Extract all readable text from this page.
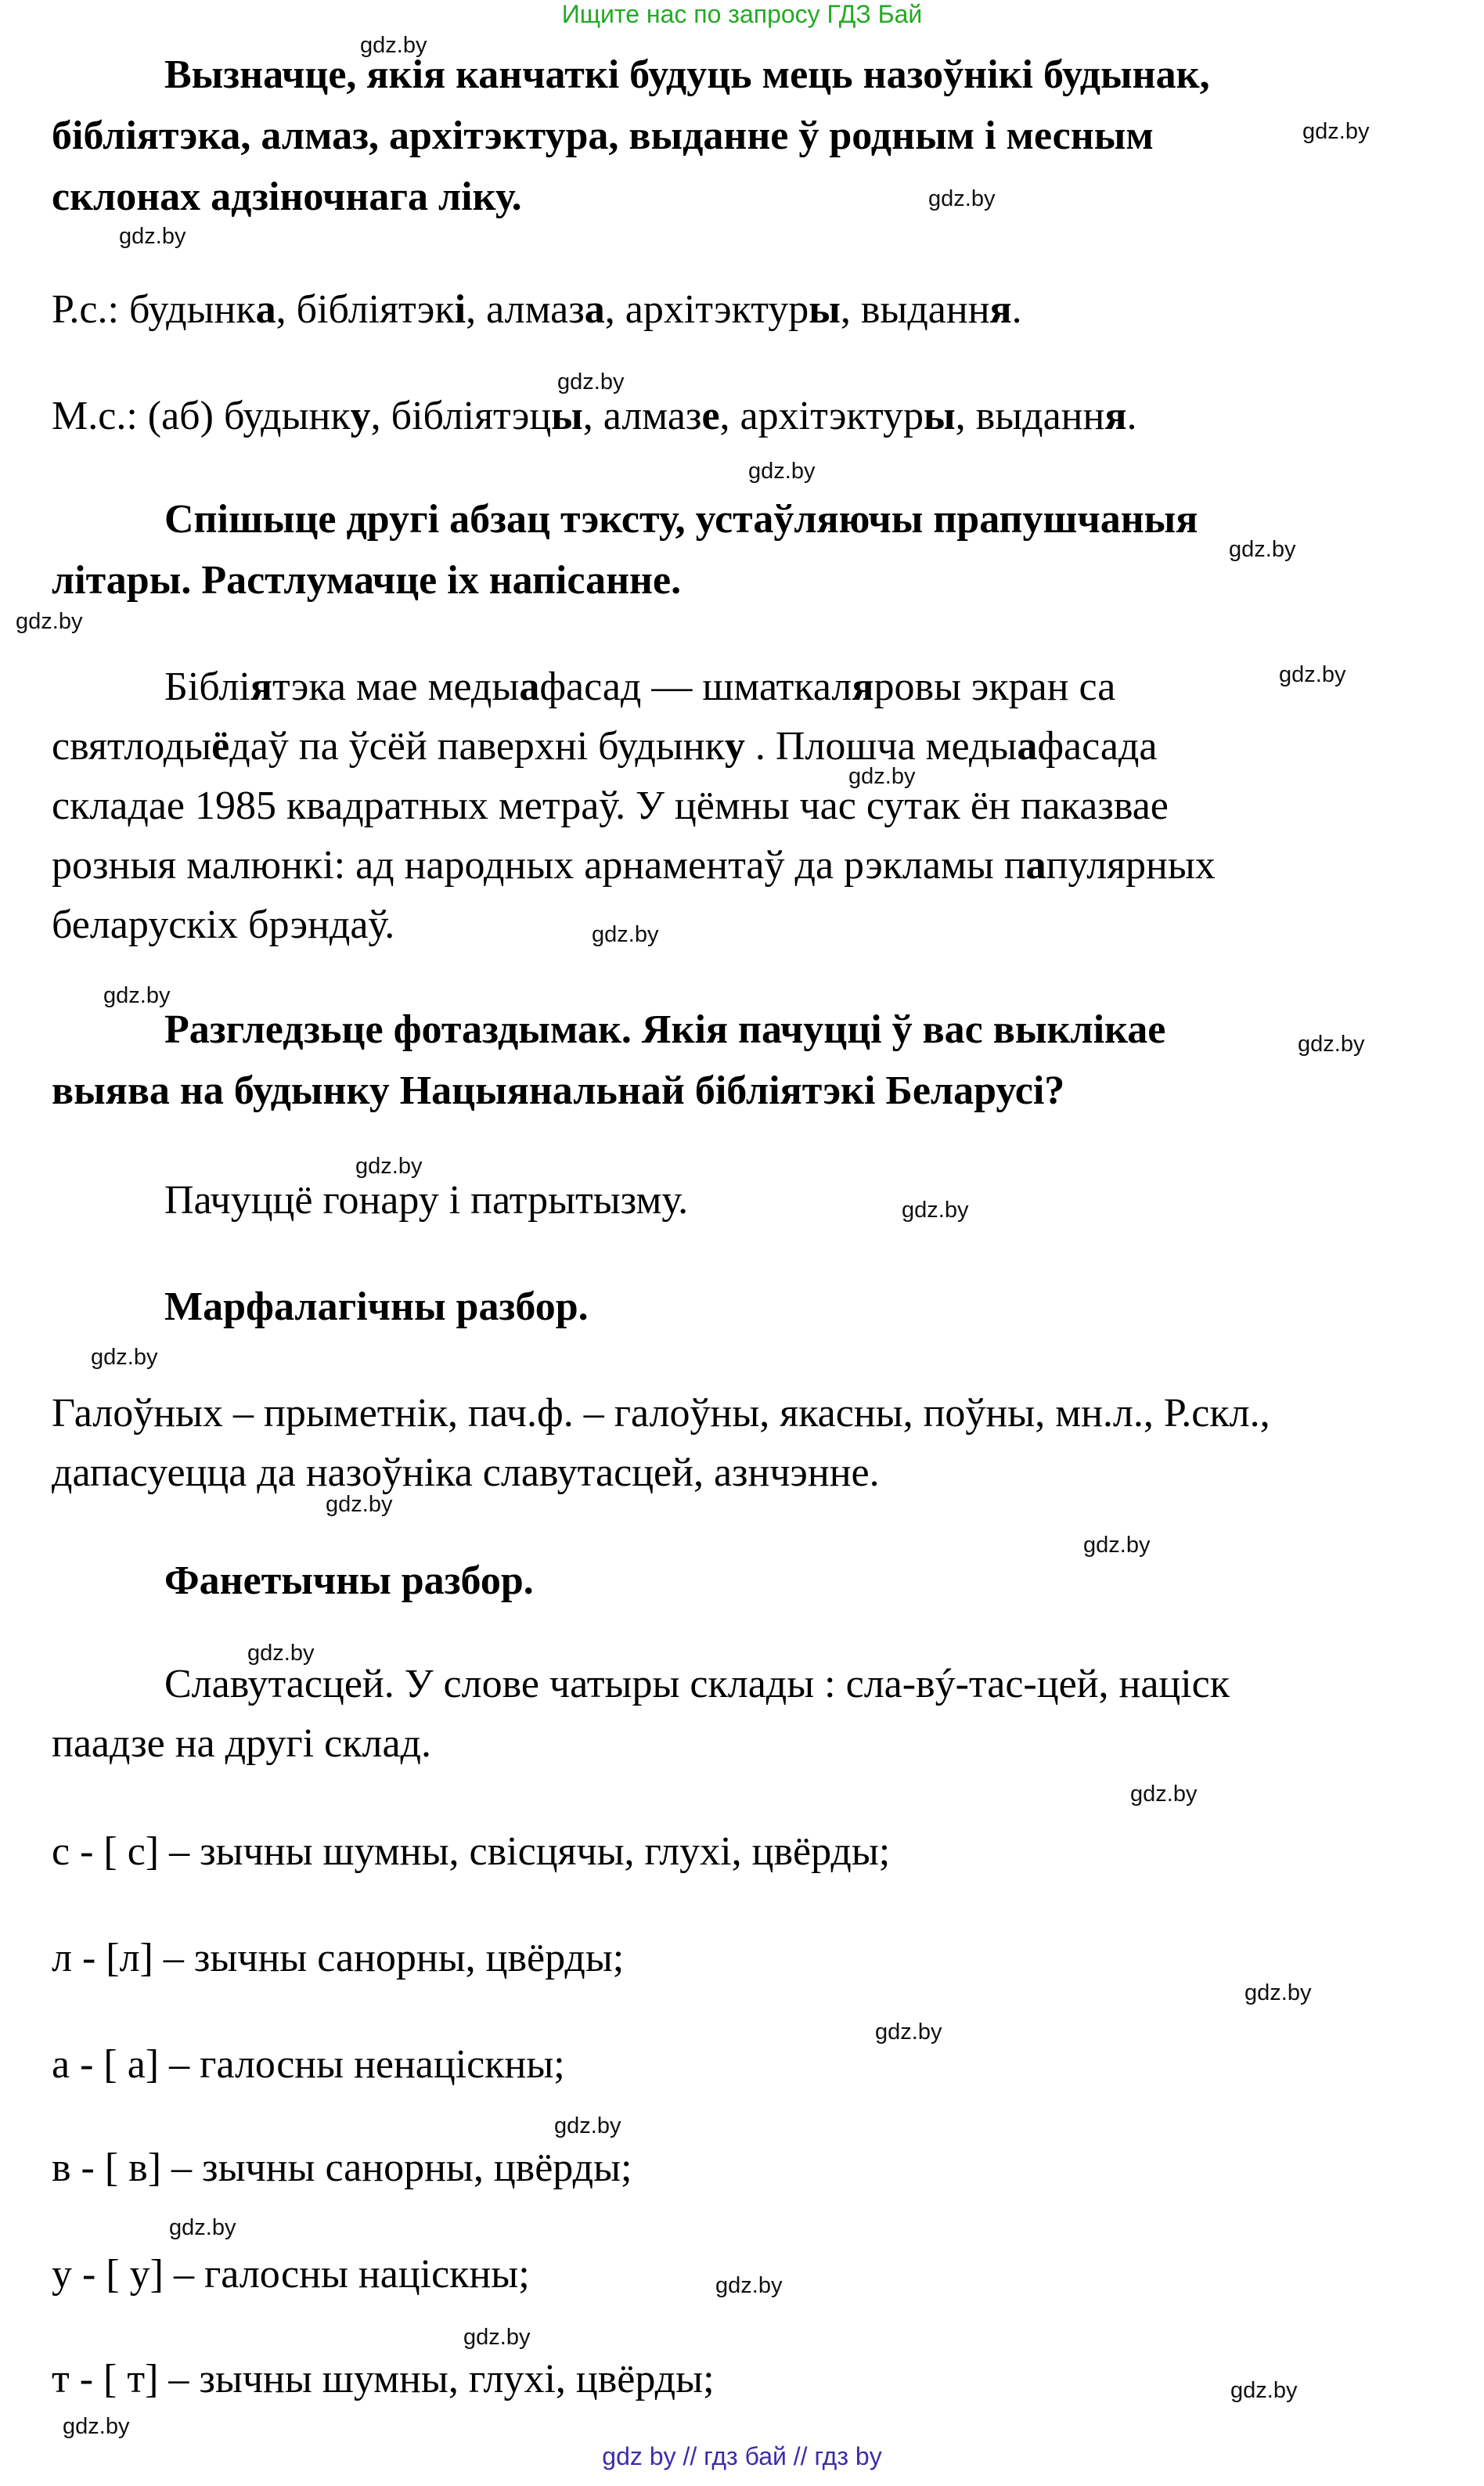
Ищите нас по запросу ГДЗ Бай
gdz by // гдз бай // гдз by
Вызначце, якія канчаткі будуць мець назоўнікі будынак,
бібліятэка, алмаз, архітэктура, выданне ў родным і месным
склонах адзіночнага ліку.
Р.с.: будынка, бібліятэкі, алмаза, архітэктуры, выдання.
М.с.: (аб) будынку, бібліятэцы, алмазе, архітэктуры, выдання.
Спішыце другі абзац тэксту, устаўляючы прапушчаныя
літары. Растлумачце іх напісанне.
Бібліятэка мае медыафасад — шматкаляровы экран са
святлодыёдаў па ўсёй паверхні будынку . Плошча медыафасада
складае 1985 квадратных метраў. У цёмны час сутак ён паказвае
розныя малюнкі: ад народных арнаментаў да рэкламы папулярных
беларускіх брэндаў.
Разгледзьце фотаздымак. Якія пачуцці ў вас выклікае
выява на будынку Нацыянальнай бібліятэкі Беларусі?
Пачуццё гонару і патрытызму.
Марфалагічны разбор.
Галоўных – прыметнік, пач.ф. – галоўны, якасны, поўны, мн.л., Р.скл.,
дапасуецца да назоўніка славутасцей, азнчэнне.
Фанетычны разбор.
Славутасцей. У слове чатыры склады : сла-вý-тас-цей, націск
паадзе на другі склад.
с - [ с] – зычны шумны, свісцячы, глухі, цвёрды;
л - [л] – зычны санорны, цвёрды;
а - [ а] – галосны ненаціскны;
в - [ в] – зычны санорны, цвёрды;
у - [ у] – галосны націскны;
т - [ т] – зычны шумны, глухі, цвёрды;
gdz.by
gdz.by
gdz.by
gdz.by
gdz.by
gdz.by
gdz.by
gdz.by
gdz.by
gdz.by
gdz.by
gdz.by
gdz.by
gdz.by
gdz.by
gdz.by
gdz.by
gdz.by
gdz.by
gdz.by
gdz.by
gdz.by
gdz.by
gdz.by
gdz.by
gdz.by
gdz.by
gdz.by
